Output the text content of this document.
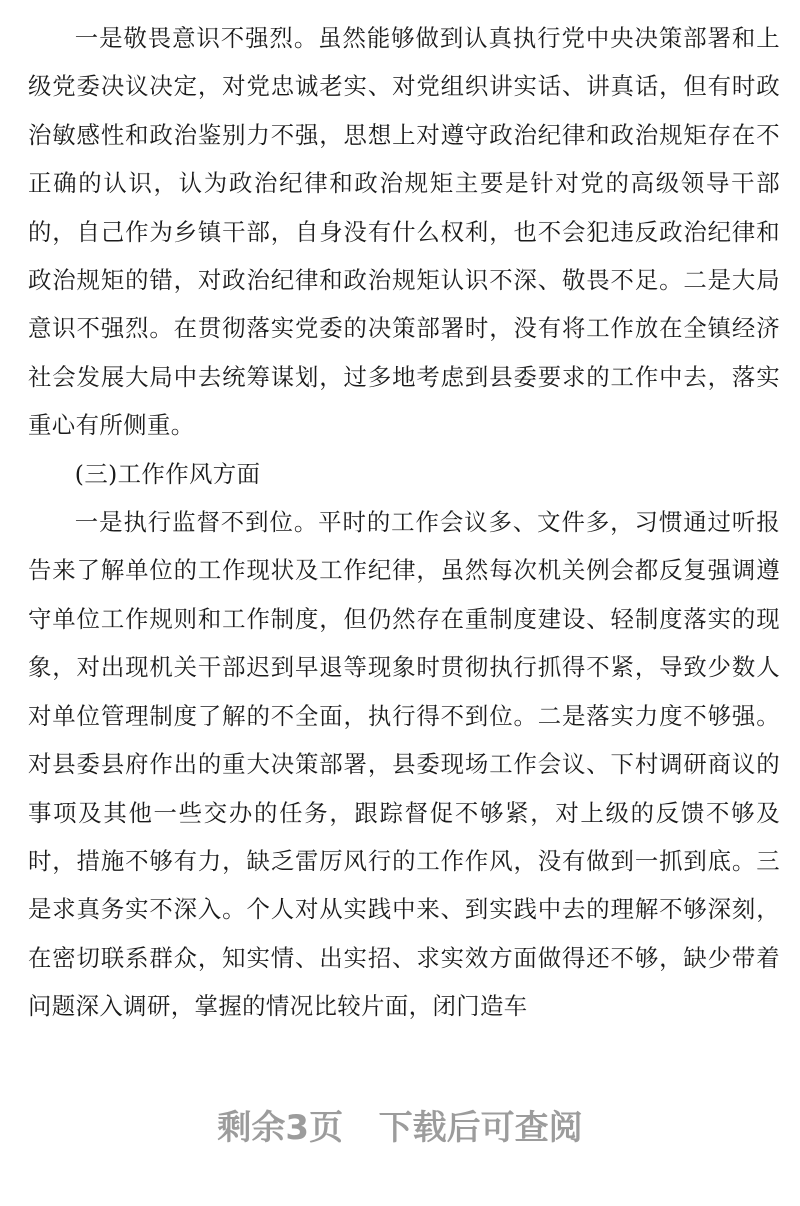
一是敬畏意识不强烈。虽然能够做到认真执行党中央决策部署和上级党委决议决定，对党忠诚老实、对党组织讲实话、讲真话，但有时政治敏感性和政治鉴别力不强，思想上对遵守政治纪律和政治规矩存在不正确的认识，认为政治纪律和政治规矩主要是针对党的高级领导干部的，自己作为乡镇干部，自身没有什么权利，也不会犯违反政治纪律和政治规矩的错，对政治纪律和政治规矩认识不深、敬畏不足。二是大局意识不强烈。在贯彻落实党委的决策部署时，没有将工作放在全镇经济社会发展大局中去统筹谋划，过多地考虑到县委要求的工作中去，落实重心有所侧重。

(三)工作作风方面

一是执行监督不到位。平时的工作会议多、文件多，习惯通过听报告来了解单位的工作现状及工作纪律，虽然每次机关例会都反复强调遵守单位工作规则和工作制度，但仍然存在重制度建设、轻制度落实的现象，对出现机关干部迟到早退等现象时贯彻执行抓得不紧，导致少数人对单位管理制度了解的不全面，执行得不到位。二是落实力度不够强。对县委县府作出的重大决策部署，县委现场工作会议、下村调研商议的事项及其他一些交办的任务，跟踪督促不够紧，对上级的反馈不够及时，措施不够有力，缺乏雷厉风行的工作作风，没有做到一抓到底。三是求真务实不深入。个人对从实践中来、到实践中去的理解不够深刻，在密切联系群众，知实情、出实招、求实效方面做得还不够，缺少带着问题深入调研，掌握的情况比较片面，闭门造车

剩余3页   下载后可查阅
